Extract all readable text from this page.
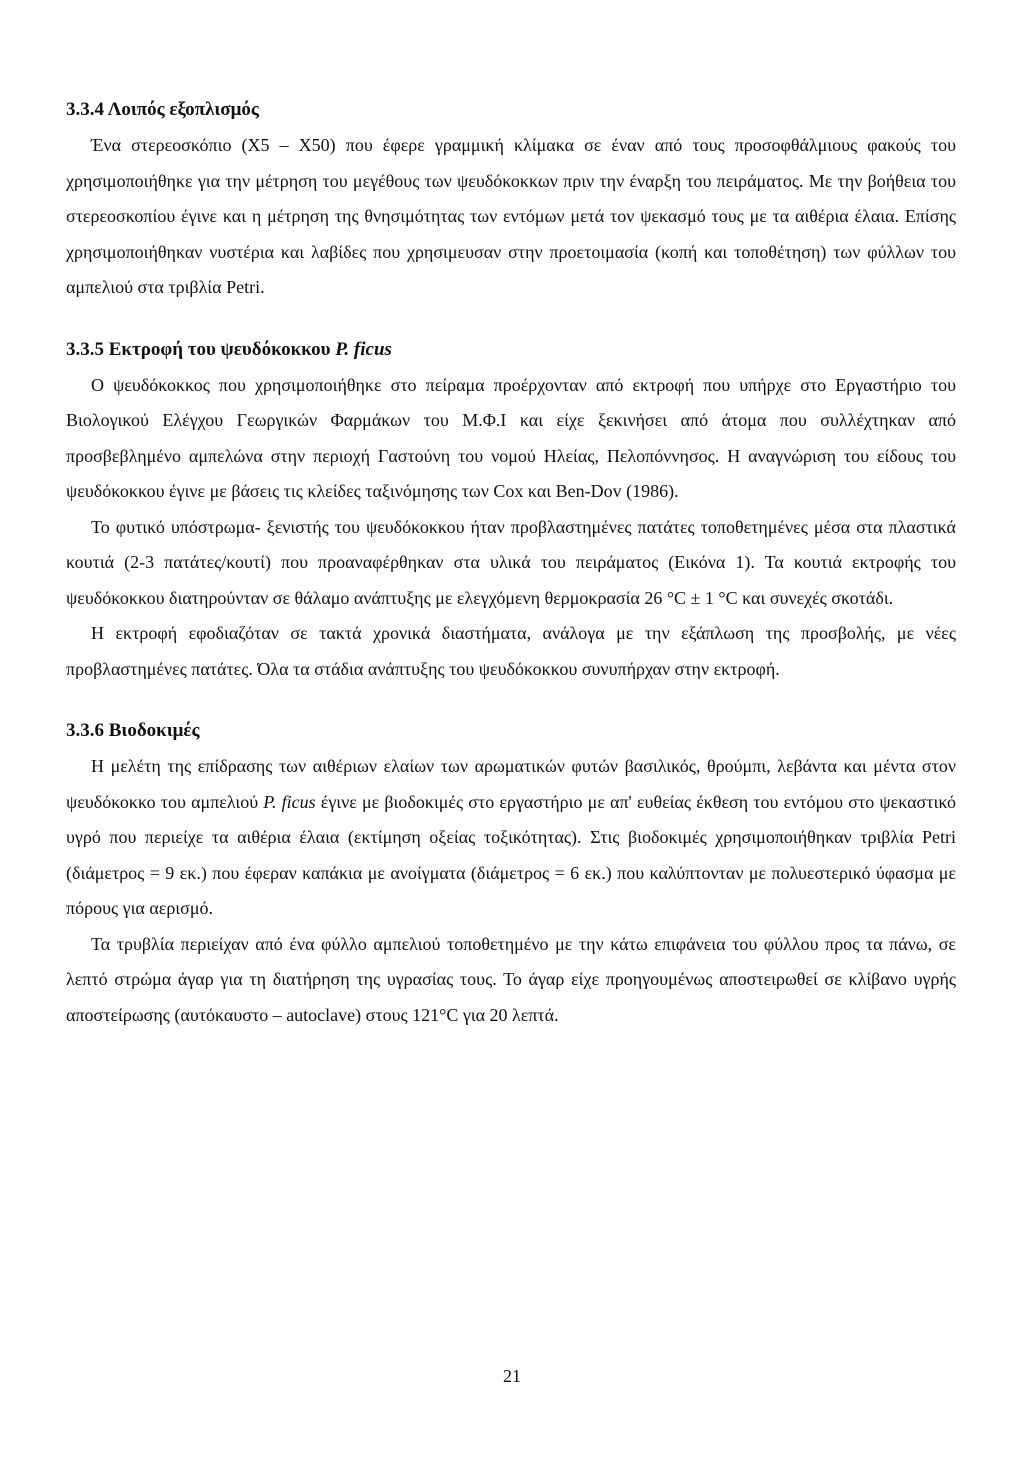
3.3.4 Λοιπός εξοπλισμός

Ένα στερεοσκόπιο (Χ5 – Χ50) που έφερε γραμμική κλίμακα σε έναν από τους προσοφθάλμιους φακούς του χρησιμοποιήθηκε για την μέτρηση του μεγέθους των ψευδόκοκκων πριν την έναρξη του πειράματος. Με την βοήθεια του στερεοσκοπίου έγινε και η μέτρηση της θνησιμότητας των εντόμων μετά τον ψεκασμό τους με τα αιθέρια έλαια. Επίσης χρησιμοποιήθηκαν νυστέρια και λαβίδες που χρησιμευσαν στην προετοιμασία (κοπή και τοποθέτηση) των φύλλων του αμπελιού στα τριβλία Petri.

3.3.5 Εκτροφή του ψευδόκοκκου P. ficus

Ο ψευδόκοκκος που χρησιμοποιήθηκε στο πείραμα προέρχονταν από εκτροφή που υπήρχε στο Εργαστήριο του Βιολογικού Ελέγχου Γεωργικών Φαρμάκων του Μ.Φ.Ι και είχε ξεκινήσει από άτομα που συλλέχτηκαν από προσβεβλημένο αμπελώνα στην περιοχή Γαστούνη του νομού Ηλείας, Πελοπόννησος. Η αναγνώριση του είδους του ψευδόκοκκου έγινε με βάσεις τις κλείδες ταξινόμησης των Cox και Ben-Dov (1986).

Το φυτικό υπόστρωμα- ξενιστής του ψευδόκοκκου ήταν προβλαστημένες πατάτες τοποθετημένες μέσα στα πλαστικά κουτιά (2-3 πατάτες/κουτί) που προαναφέρθηκαν στα υλικά του πειράματος (Εικόνα 1). Τα κουτιά εκτροφής του ψευδόκοκκου διατηρούνταν σε θάλαμο ανάπτυξης με ελεγχόμενη θερμοκρασία 26 °C ± 1 °C και συνεχές σκοτάδι.

Η εκτροφή εφοδιαζόταν σε τακτά χρονικά διαστήματα, ανάλογα με την εξάπλωση της προσβολής, με νέες προβλαστημένες πατάτες. Όλα τα στάδια ανάπτυξης του ψευδόκοκκου συνυπήρχαν στην εκτροφή.

3.3.6 Βιοδοκιμές

Η μελέτη της επίδρασης των αιθέριων ελαίων των αρωματικών φυτών βασιλικός, θρούμπι, λεβάντα και μέντα στον ψευδόκοκκο του αμπελιού P. ficus έγινε με βιοδοκιμές στο εργαστήριο με απ' ευθείας έκθεση του εντόμου στο ψεκαστικό υγρό που περιείχε τα αιθέρια έλαια (εκτίμηση οξείας τοξικότητας). Στις βιοδοκιμές χρησιμοποιήθηκαν τριβλία Petri (διάμετρος = 9 εκ.) που έφεραν καπάκια με ανοίγματα (διάμετρος = 6 εκ.) που καλύπτονταν με πολυεστερικό ύφασμα με πόρους για αερισμό.

Τα τρυβλία περιείχαν από ένα φύλλο αμπελιού τοποθετημένο με την κάτω επιφάνεια του φύλλου προς τα πάνω, σε λεπτό στρώμα άγαρ για τη διατήρηση της υγρασίας τους. Το άγαρ είχε προηγουμένως αποστειρωθεί σε κλίβανο υγρής αποστείρωσης (αυτόκαυστο – autoclave) στους 121°C για 20 λεπτά.

21
